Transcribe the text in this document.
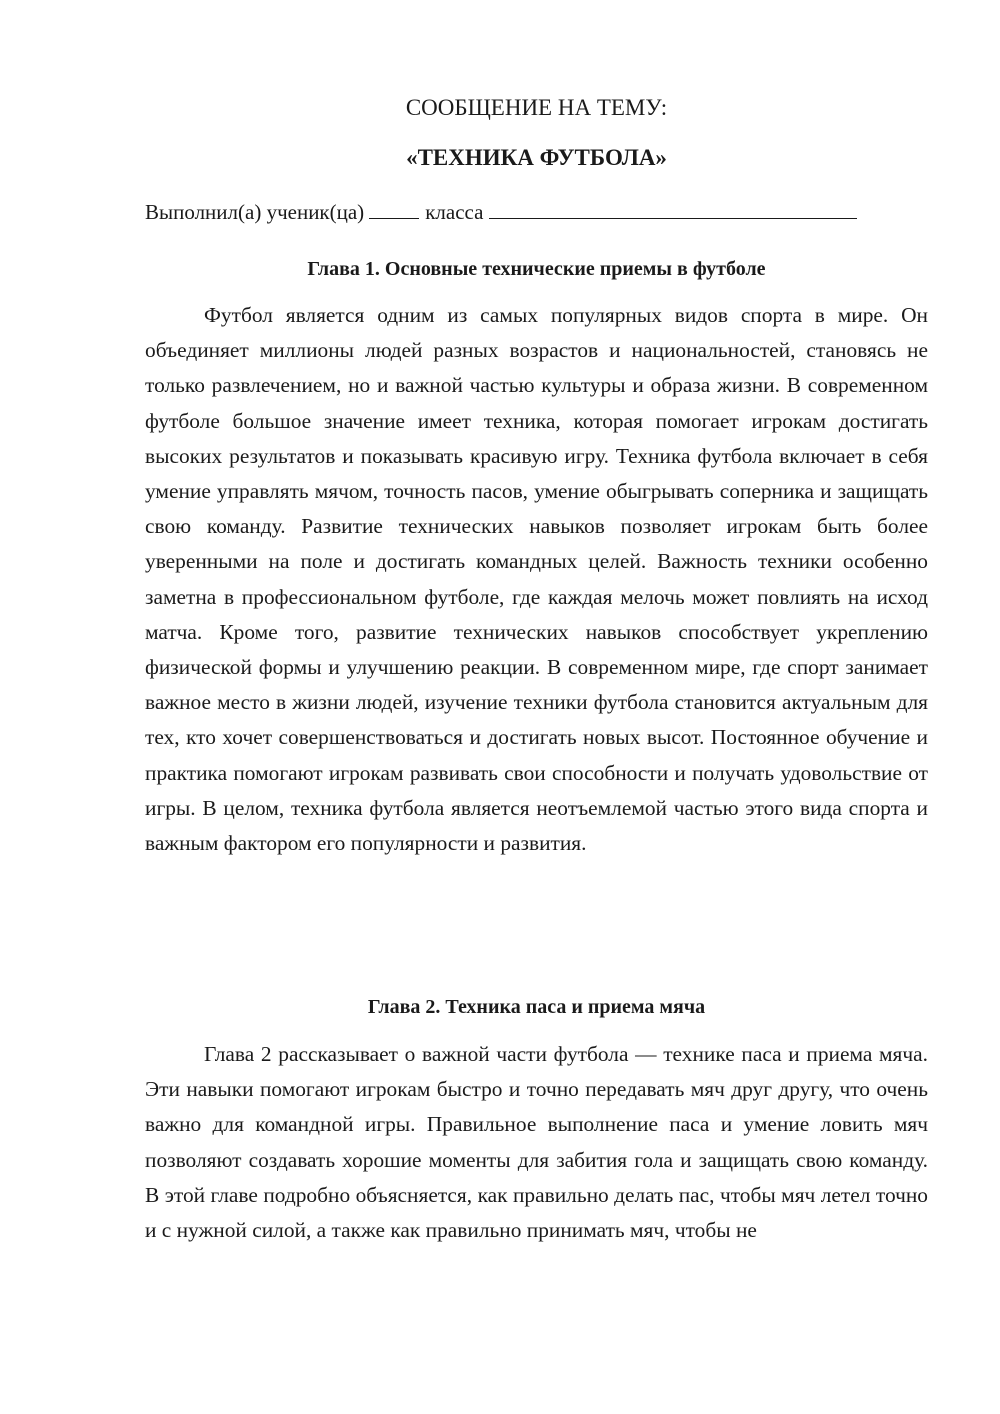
СООБЩЕНИЕ НА ТЕМУ:
«ТЕХНИКА ФУТБОЛА»
Выполнил(а) ученик(ца)	класса
Глава 1. Основные технические приемы в футболе

Футбол является одним из самых популярных видов спорта в мире. Он объединяет миллионы людей разных возрастов и национальностей, становясь не только развлечением, но и важной частью культуры и образа жизни. В современном футболе большое значение имеет техника, которая помогает игрокам достигать высоких результатов и показывать красивую игру. Техника футбола включает в себя умение управлять мячом, точность пасов, умение обыгрывать соперника и защищать свою команду. Развитие технических навыков позволяет игрокам быть более уверенными на поле и достигать командных целей. Важность техники особенно заметна в профессиональном футболе, где каждая мелочь может повлиять на исход матча. Кроме того, развитие технических навыков способствует укреплению физической формы и улучшению реакции. В современном мире, где спорт занимает важное место в жизни людей, изучение техники футбола становится актуальным для тех, кто хочет совершенствоваться и достигать новых высот. Постоянное обучение и практика помогают игрокам развивать свои способности и получать удовольствие от игры. В целом, техника футбола является неотъемлемой частью этого вида спорта и важным фактором его популярности и развития.

Глава 2. Техника паса и приема мяча

Глава 2 рассказывает о важной части футбола — технике паса и приема мяча. Эти навыки помогают игрокам быстро и точно передавать мяч друг другу, что очень важно для командной игры. Правильное выполнение паса и умение ловить мяч позволяют создавать хорошие моменты для забития гола и защищать свою команду. В этой главе подробно объясняется, как правильно делать пас, чтобы мяч летел точно и с нужной силой, а также как правильно принимать мяч, чтобы не
